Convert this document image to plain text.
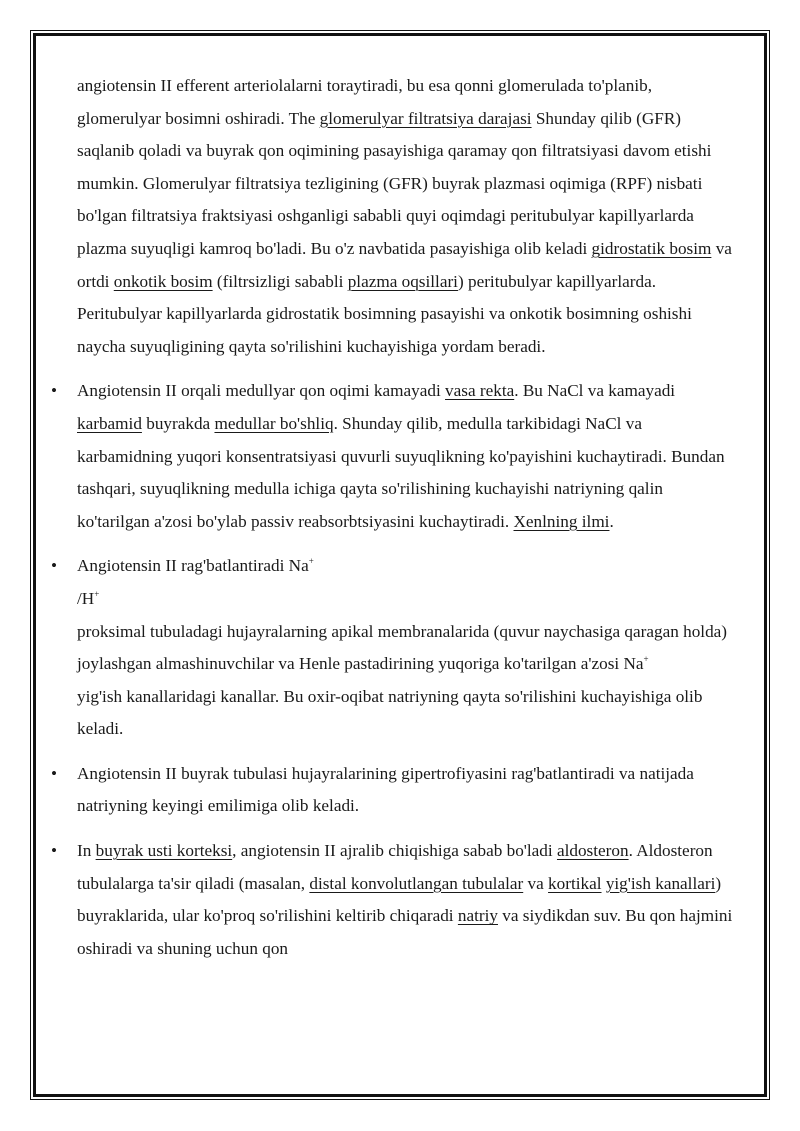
angiotensin II efferent arteriolalarni toraytiradi, bu esa qonni glomerulada to'planib, glomerulyar bosimni oshiradi. The glomerulyar filtratsiya darajasi Shunday qilib (GFR) saqlanib qoladi va buyrak qon oqimining pasayishiga qaramay qon filtratsiyasi davom etishi mumkin. Glomerulyar filtratsiya tezligining (GFR) buyrak plazmasi oqimiga (RPF) nisbati bo'lgan filtratsiya fraktsiyasi oshganligi sababli quyi oqimdagi peritubulyar kapillyarlarda plazma suyuqligi kamroq bo'ladi. Bu o'z navbatida pasayishiga olib keladi gidrostatik bosim va ortdi onkotik bosim (filtrsizligi sababli plazma oqsillari) peritubulyar kapillyarlarda. Peritubulyar kapillyarlarda gidrostatik bosimning pasayishi va onkotik bosimning oshishi naycha suyuqligining qayta so'rilishini kuchayishiga yordam beradi.

• Angiotensin II orqali medullyar qon oqimi kamayadi vasa rekta. Bu NaCl va kamayadi karbamid buyrakda medullar bo'shliq. Shunday qilib, medulla tarkibidagi NaCl va karbamidning yuqori konsentratsiyasi quvurli suyuqlikning ko'payishini kuchaytiradi. Bundan tashqari, suyuqlikning medulla ichiga qayta so'rilishining kuchayishi natriyning qalin ko'tarilgan a'zosi bo'ylab passiv reabsorbtsiyasini kuchaytiradi. Xenlning ilmi.
• Angiotensin II rag'batlantiradi Na+
/H+
proksimal tubuladagi hujayralarning apikal membranalarida (quvur naychasiga qaragan holda) joylashgan almashinuvchilar va Henle pastadirining yuqoriga ko'tarilgan a'zosi Na+
yig'ish kanallaridagi kanallar. Bu oxir-oqibat natriyning qayta so'rilishini kuchayishiga olib keladi.
• Angiotensin II buyrak tubulasi hujayralarining gipertrofiyasini rag'batlantiradi va natijada natriyning keyingi emilimiga olib keladi.
• In buyrak usti korteksi, angiotensin II ajralib chiqishiga sabab bo'ladi aldosteron. Aldosteron tubulalarga ta'sir qiladi (masalan, distal konvolutlangan tubulalar va kortikal yig'ish kanallari) buyraklarida, ular ko'proq so'rilishini keltirib chiqaradi natriy va siydikdan suv. Bu qon hajmini oshiradi va shuning uchun qon
